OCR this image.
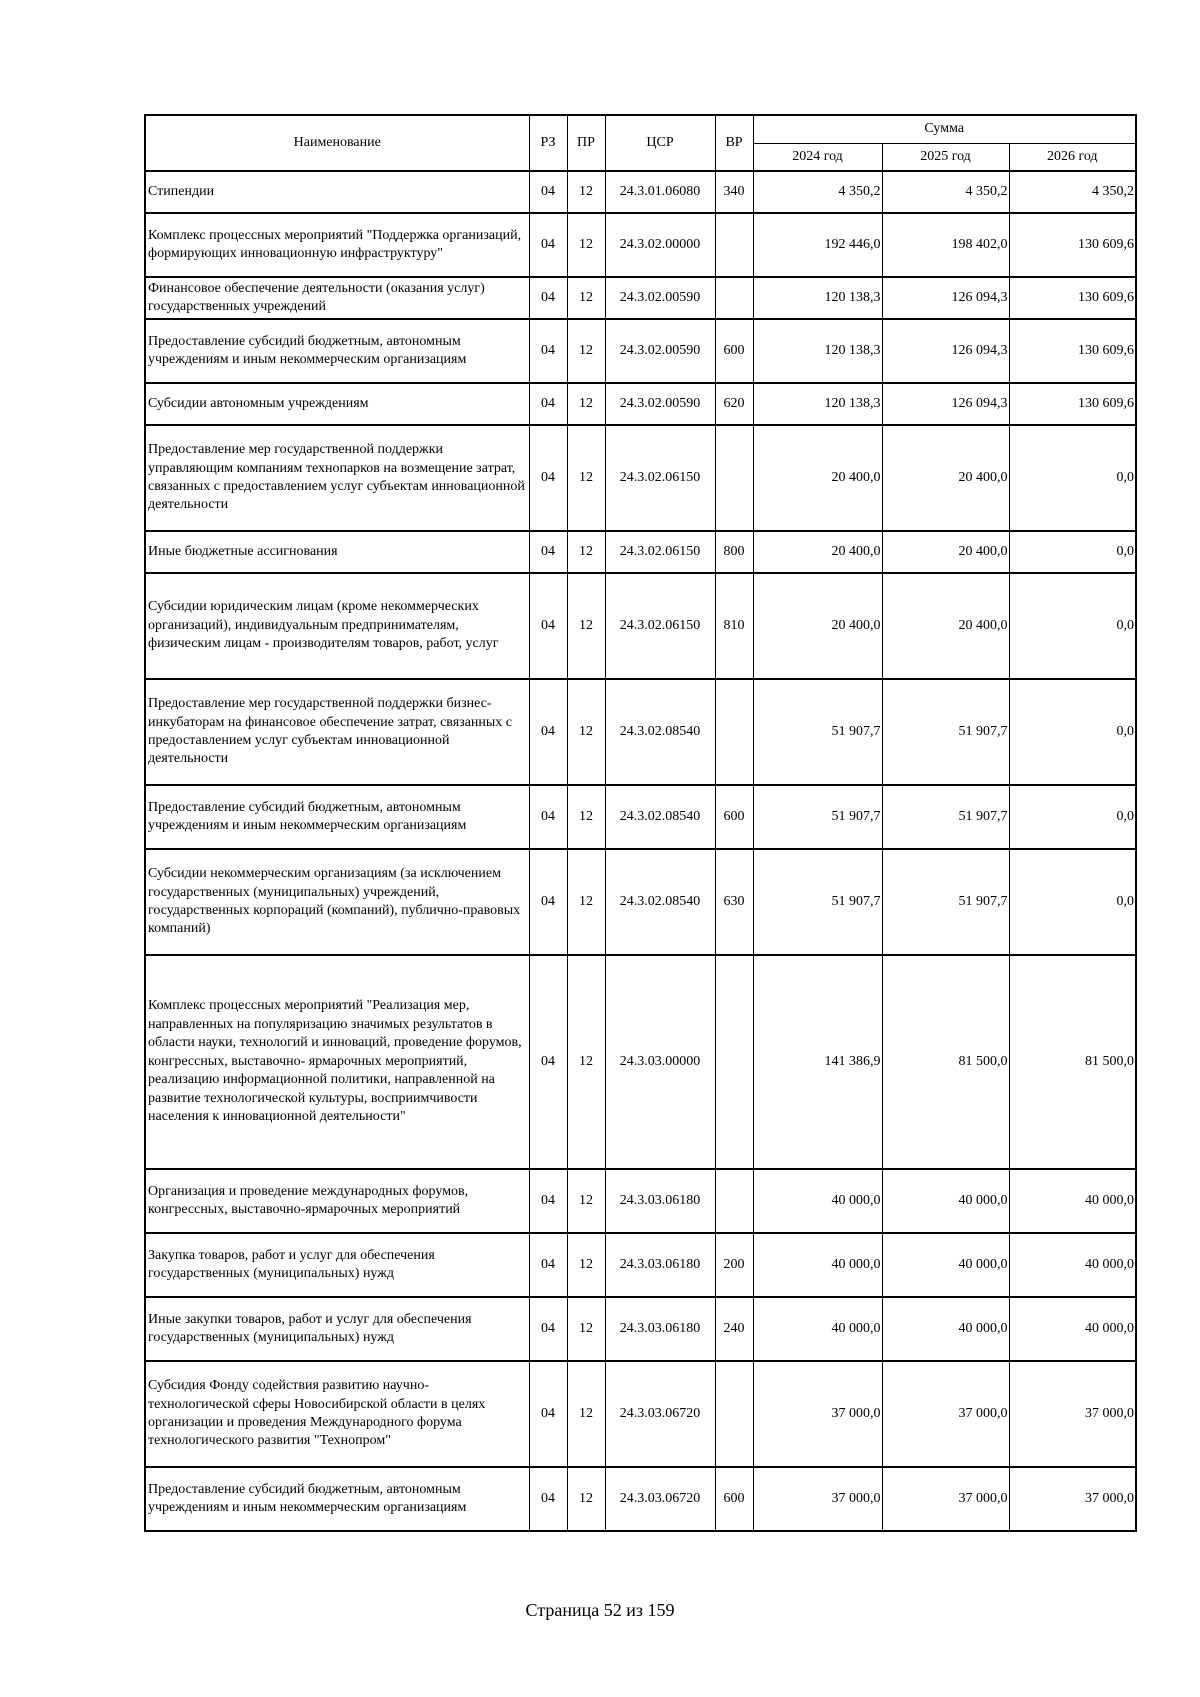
Наименование	РЗ	ПР	ЦСР	ВР	Сумма		
					2024 год	2025 год	2026 год
Стипендии	04	12	24.3.01.06080	340	4 350,2	4 350,2	4 350,2
Комплекс процессных мероприятий "Поддержка организаций, формирующих инновационную инфраструктуру"	04	12	24.3.02.00000		192 446,0	198 402,0	130 609,6
Финансовое обеспечение деятельности (оказания услуг) государственных учреждений	04	12	24.3.02.00590		120 138,3	126 094,3	130 609,6
Предоставление субсидий бюджетным, автономным учреждениям и иным некоммерческим организациям	04	12	24.3.02.00590	600	120 138,3	126 094,3	130 609,6
Субсидии автономным учреждениям	04	12	24.3.02.00590	620	120 138,3	126 094,3	130 609,6
Предоставление мер государственной поддержки управляющим компаниям технопарков на возмещение затрат, связанных с предоставлением услуг субъектам инновационной деятельности	04	12	24.3.02.06150		20 400,0	20 400,0	0,0
Иные бюджетные ассигнования	04	12	24.3.02.06150	800	20 400,0	20 400,0	0,0
Субсидии юридическим лицам (кроме некоммерческих организаций), индивидуальным предпринимателям, физическим лицам - производителям товаров, работ, услуг	04	12	24.3.02.06150	810	20 400,0	20 400,0	0,0
Предоставление мер государственной поддержки бизнес-инкубаторам на финансовое обеспечение затрат, связанных с предоставлением услуг субъектам инновационной деятельности	04	12	24.3.02.08540		51 907,7	51 907,7	0,0
Предоставление субсидий бюджетным, автономным учреждениям и иным некоммерческим организациям	04	12	24.3.02.08540	600	51 907,7	51 907,7	0,0
Субсидии некоммерческим организациям (за исключением государственных (муниципальных) учреждений, государственных корпораций (компаний), публично-правовых компаний)	04	12	24.3.02.08540	630	51 907,7	51 907,7	0,0
Комплекс процессных мероприятий "Реализация мер, направленных на популяризацию значимых результатов в области науки, технологий и инноваций, проведение форумов, конгрессных, выставочно- ярмарочных мероприятий, реализацию информационной политики, направленной на развитие технологической культуры, восприимчивости населения к инновационной деятельности"	04	12	24.3.03.00000		141 386,9	81 500,0	81 500,0
Организация и проведение международных форумов, конгрессных, выставочно-ярмарочных мероприятий	04	12	24.3.03.06180		40 000,0	40 000,0	40 000,0
Закупка товаров, работ и услуг для обеспечения государственных (муниципальных) нужд	04	12	24.3.03.06180	200	40 000,0	40 000,0	40 000,0
Иные закупки товаров, работ и услуг для обеспечения государственных (муниципальных) нужд	04	12	24.3.03.06180	240	40 000,0	40 000,0	40 000,0
Субсидия Фонду содействия развитию научно-технологической сферы Новосибирской области в целях организации и проведения Международного форума технологического развития "Технопром"	04	12	24.3.03.06720		37 000,0	37 000,0	37 000,0
Предоставление субсидий бюджетным, автономным учреждениям и иным некоммерческим организациям	04	12	24.3.03.06720	600	37 000,0	37 000,0	37 000,0
Страница 52 из 159
